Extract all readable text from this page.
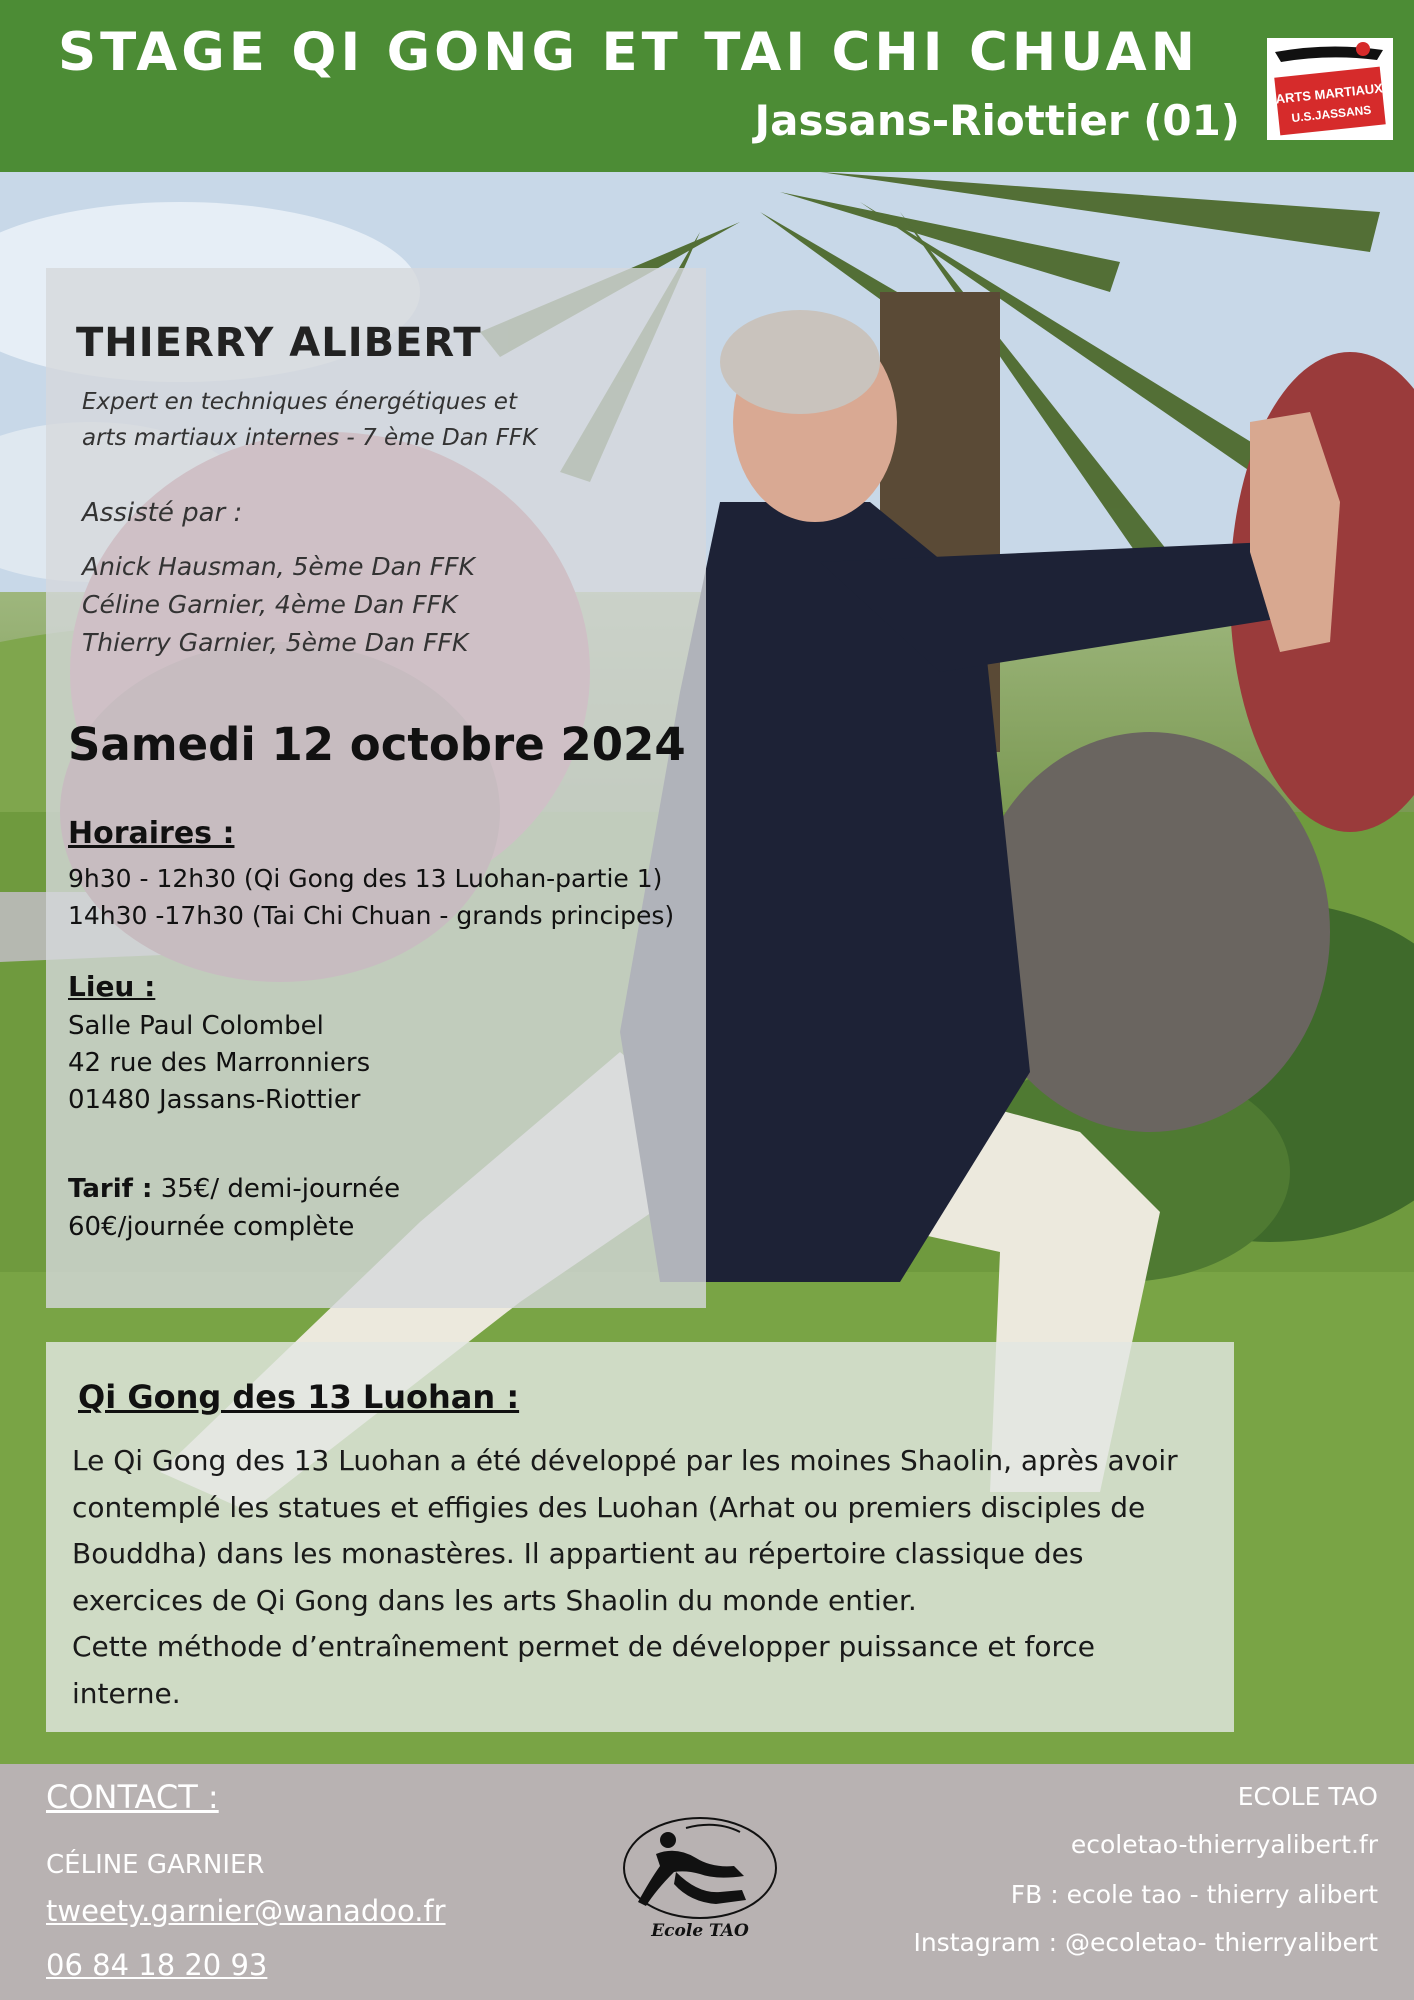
STAGE QI GONG ET TAI CHI CHUAN
Jassans-Riottier (01)
ARTS MARTIAUX
U.S.JASSANS
THIERRY ALIBERT
Expert en techniques énergétiques et
arts martiaux internes - 7 ème Dan FFK
Assisté par :
Anick Hausman, 5ème Dan FFK
Céline Garnier, 4ème Dan FFK
Thierry Garnier, 5ème Dan FFK
Samedi 12 octobre 2024
Horaires :
9h30 - 12h30 (Qi Gong des 13 Luohan-partie 1)
14h30 -17h30 (Tai Chi Chuan - grands principes)
Lieu :
Salle Paul Colombel
42 rue des Marronniers
01480 Jassans-Riottier
Tarif : 35€/ demi-journée
60€/journée complète
Qi Gong des 13 Luohan :

Le Qi Gong des 13 Luohan a été développé par les moines Shaolin, après avoir contemplé les statues et effigies des Luohan (Arhat ou premiers disciples de Bouddha) dans les monastères. Il appartient au répertoire classique des exercices de Qi Gong dans les arts Shaolin du monde entier.

Cette méthode d’entraînement permet de développer puissance et force interne.

CONTACT :
CÉLINE GARNIER
tweety.garnier@wanadoo.fr
06 84 18 20 93
Ecole TAO
ECOLE TAO
ecoletao-thierryalibert.fr
FB : ecole tao - thierry alibert
Instagram : @ecoletao- thierryalibert
